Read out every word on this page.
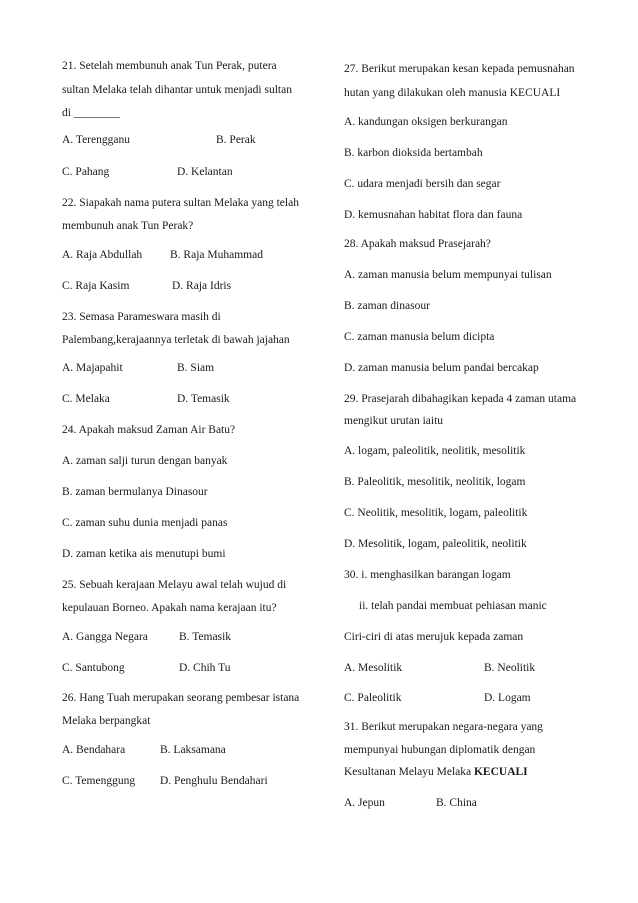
21. Setelah membunuh anak Tun Perak, putera
sultan Melaka telah dihantar untuk menjadi sultan
di ________
A. Terengganu	B. Perak
C. Pahang	D. Kelantan
22. Siapakah nama putera sultan Melaka yang telah
membunuh anak Tun Perak?
A. Raja Abdullah B. Raja Muhammad
C. Raja Kasim	D. Raja Idris
23. Semasa Parameswara masih di
Palembang,kerajaannya terletak di bawah jajahan
A. Majapahit	B. Siam
C. Melaka	D. Temasik
24. Apakah maksud Zaman Air Batu?
A. zaman salji turun dengan banyak
B. zaman bermulanya Dinasour
C. zaman suhu dunia menjadi panas
D. zaman ketika ais menutupi bumi
25. Sebuah kerajaan Melayu awal telah wujud di
kepulauan Borneo. Apakah nama kerajaan itu?
A. Gangga Negara	B. Temasik
C. Santubong	D. Chih Tu
26. Hang Tuah merupakan seorang pembesar istana
Melaka berpangkat
A. Bendahara	B. Laksamana
C. Temenggung D. Penghulu Bendahari
27. Berikut merupakan kesan kepada pemusnahan
hutan yang dilakukan oleh manusia KECUALI
A. kandungan oksigen berkurangan
B. karbon dioksida bertambah
C. udara menjadi bersih dan segar
D. kemusnahan habitat flora dan fauna
28. Apakah maksud Prasejarah?
A. zaman manusia belum mempunyai tulisan
B. zaman dinasour
C. zaman manusia belum dicipta
D. zaman manusia belum pandai bercakap
29. Prasejarah dibahagikan kepada 4 zaman utama
mengikut urutan iaitu
A. logam, paleolitik, neolitik, mesolitik
B. Paleolitik, mesolitik, neolitik, logam
C. Neolitik, mesolitik, logam, paleolitik
D. Mesolitik, logam, paleolitik, neolitik
30. i. menghasilkan barangan logam
ii. telah pandai membuat pehiasan manic
Ciri-ciri di atas merujuk kepada zaman
A. Mesolitik	B. Neolitik
C. Paleolitik	D. Logam
31. Berikut merupakan negara-negara yang
mempunyai hubungan diplomatik dengan
Kesultanan Melayu Melaka KECUALI
A. Jepun	B. China
